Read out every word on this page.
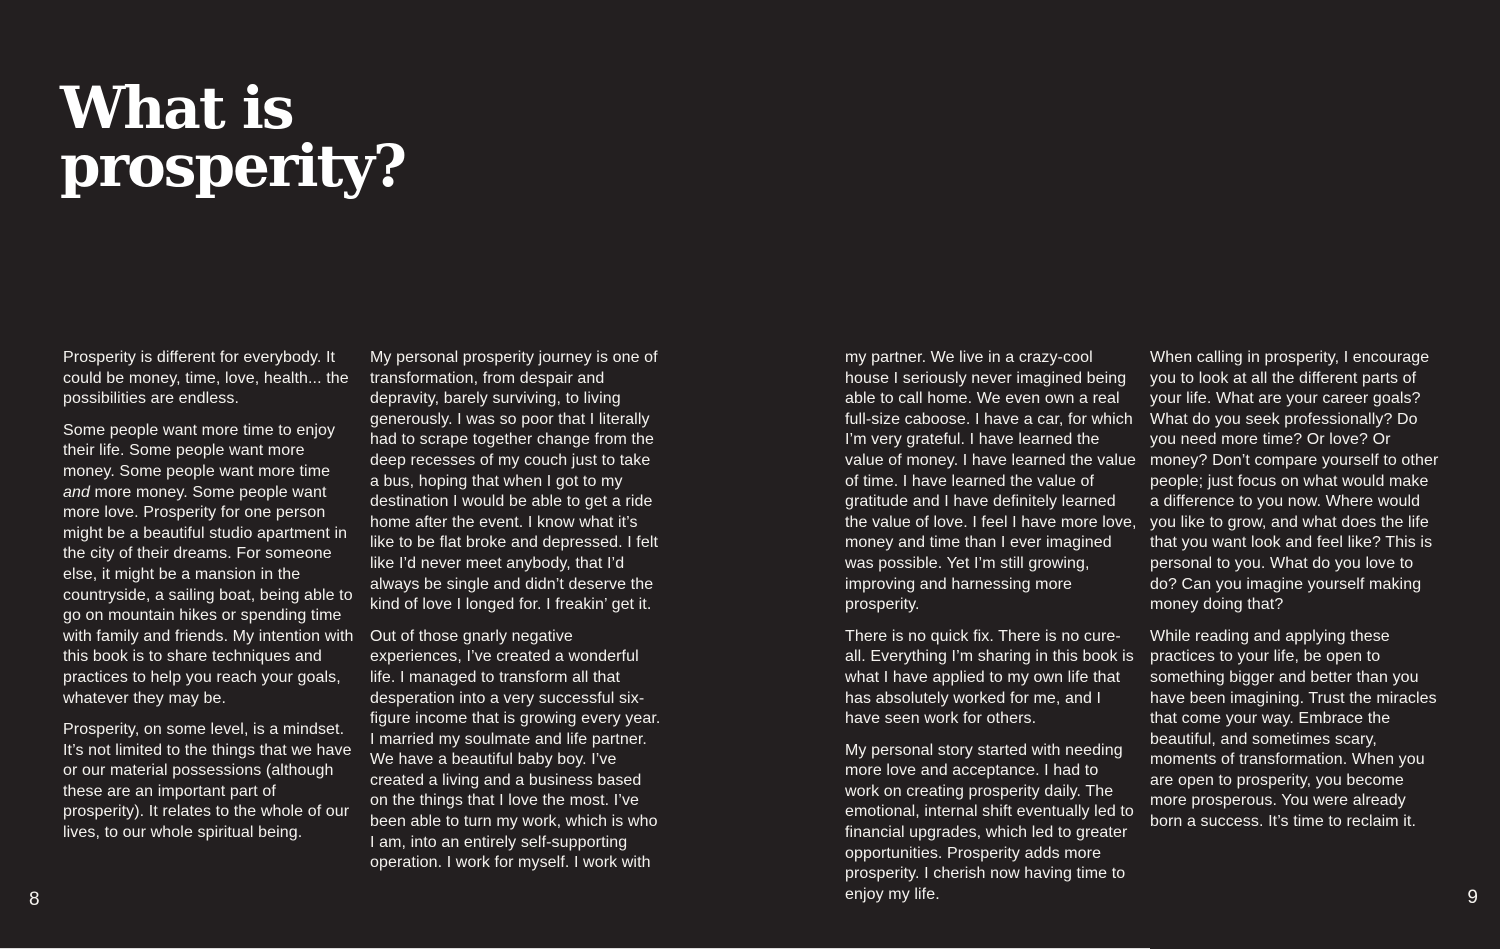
What is
prosperity?

Prosperity is different for everybody. It could be money, time, love, health... the possibilities are endless.

Some people want more time to enjoy their life. Some people want more money. Some people want more time and more money. Some people want more love. Prosperity for one person might be a beautiful studio apartment in the city of their dreams. For someone else, it might be a mansion in the countryside, a sailing boat, being able to go on mountain hikes or spending time with family and friends. My intention with this book is to share techniques and practices to help you reach your goals, whatever they may be.

Prosperity, on some level, is a mindset. It’s not limited to the things that we have or our material possessions (although these are an important part of prosperity). It relates to the whole of our lives, to our whole spiritual being.

My personal prosperity journey is one of transformation, from despair and depravity, barely surviving, to living generously. I was so poor that I literally had to scrape together change from the deep recesses of my couch just to take a bus, hoping that when I got to my destination I would be able to get a ride home after the event. I know what it’s like to be flat broke and depressed. I felt like I’d never meet anybody, that I’d always be single and didn’t deserve the kind of love I longed for. I freakin’ get it.

Out of those gnarly negative experiences, I’ve created a wonderful life. I managed to transform all that desperation into a very successful six-figure income that is growing every year. I married my soulmate and life partner. We have a beautiful baby boy. I’ve created a living and a business based on the things that I love the most. I’ve been able to turn my work, which is who I am, into an entirely self-supporting operation. I work for myself. I work with

my partner. We live in a crazy-cool house I seriously never imagined being able to call home. We even own a real full-size caboose. I have a car, for which I’m very grateful. I have learned the value of money. I have learned the value of time. I have learned the value of gratitude and I have definitely learned the value of love. I feel I have more love, money and time than I ever imagined was possible. Yet I’m still growing, improving and harnessing more prosperity.

There is no quick fix. There is no cure-all. Everything I’m sharing in this book is what I have applied to my own life that has absolutely worked for me, and I have seen work for others.

My personal story started with needing more love and acceptance. I had to work on creating prosperity daily. The emotional, internal shift eventually led to financial upgrades, which led to greater opportunities. Prosperity adds more prosperity. I cherish now having time to enjoy my life.

When calling in prosperity, I encourage you to look at all the different parts of your life. What are your career goals? What do you seek professionally? Do you need more time? Or love? Or money? Don’t compare yourself to other people; just focus on what would make a difference to you now. Where would you like to grow, and what does the life that you want look and feel like? This is personal to you. What do you love to do? Can you imagine yourself making money doing that?

While reading and applying these practices to your life, be open to something bigger and better than you have been imagining. Trust the miracles that come your way. Embrace the beautiful, and sometimes scary, moments of transformation. When you are open to prosperity, you become more prosperous. You were already born a success. It’s time to reclaim it.

8	9
